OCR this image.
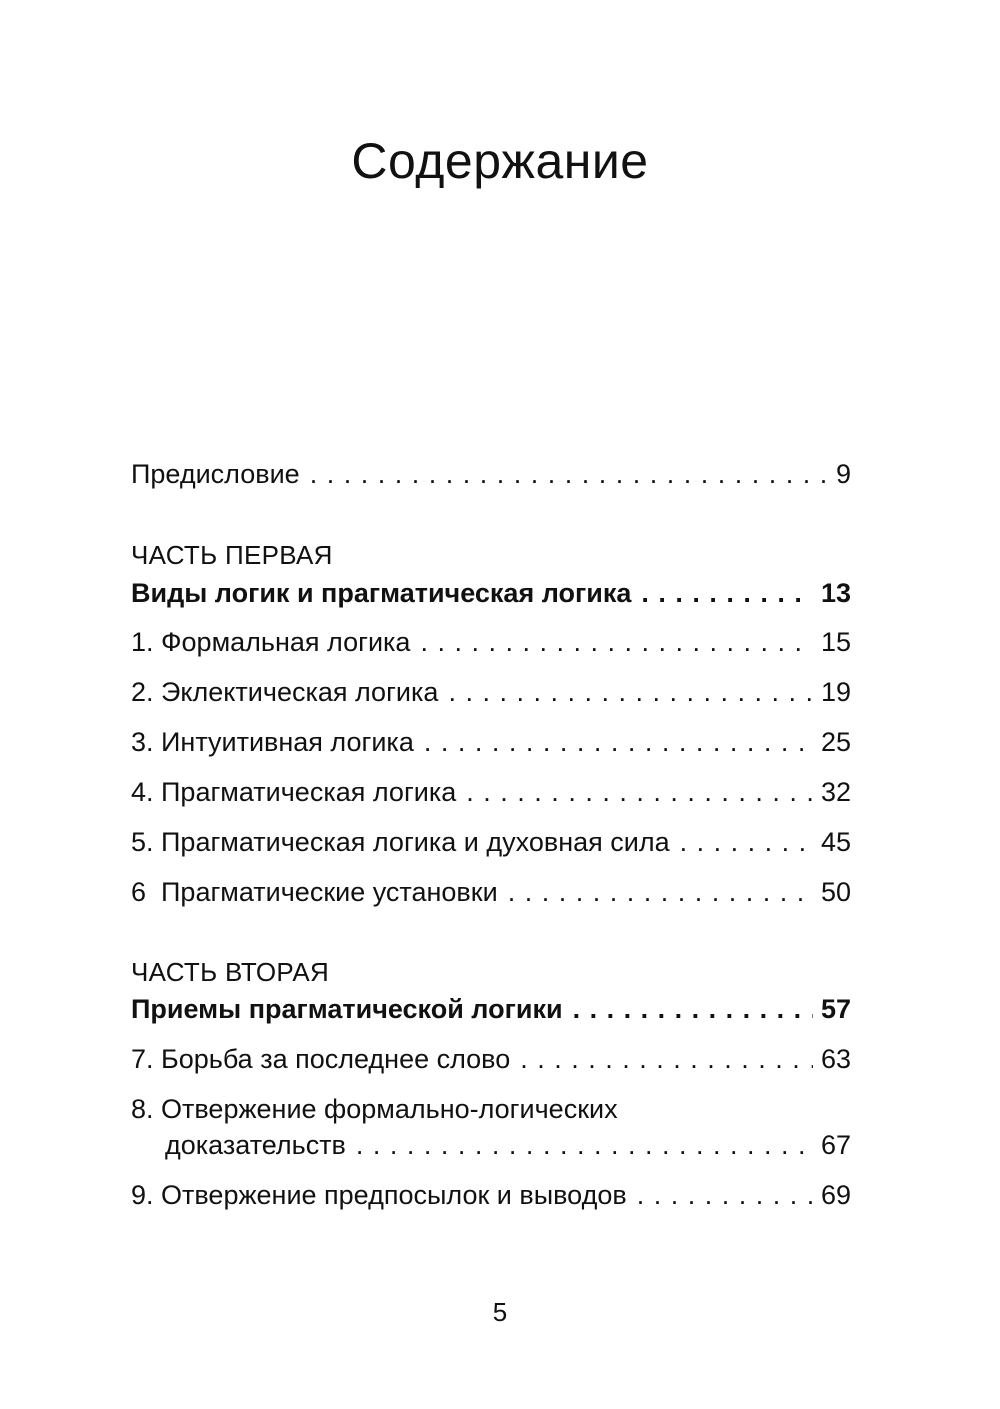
Содержание
Предисловие . . .	9
ЧАСТЬ ПЕРВАЯ
Виды логик и прагматическая логика . . .	13
1. Формальная логика . . .	15
2. Эклектическая логика . . .	19
3. Интуитивная логика . . .	25
4. Прагматическая логика . . .	32
5. Прагматическая логика и духовная сила . . .	45
6  Прагматические установки . . .	50
ЧАСТЬ ВТОРАЯ
Приемы прагматической логики . . .	57
7. Борьба за последнее слово . . .	63
8. Отвержение формально-логических
доказательств . . .	67
9. Отвержение предпосылок и выводов . . .	69
5
